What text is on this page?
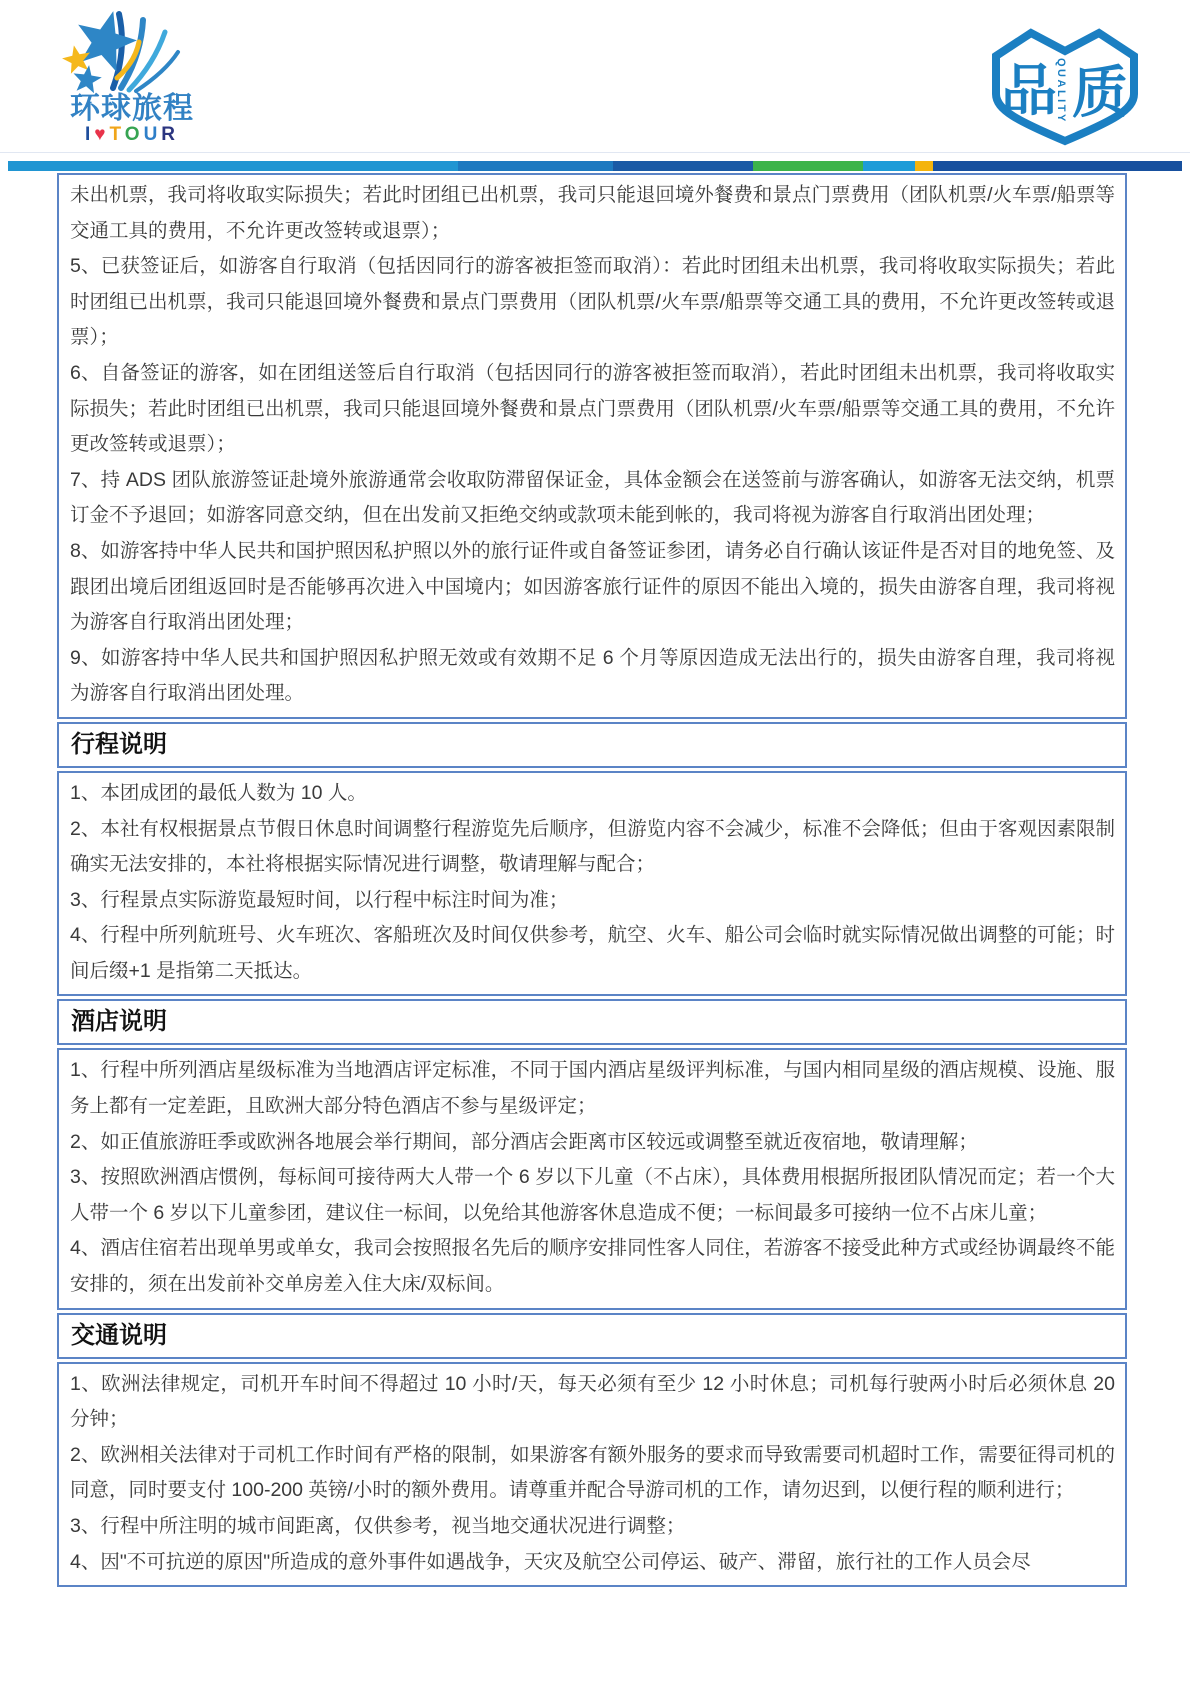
环球旅程
I♥TOUR
品 质
QUALITY

未出机票，我司将收取实际损失；若此时团组已出机票，我司只能退回境外餐费和景点门票费用（团队机票/火车票/船票等交通工具的费用，不允许更改签转或退票）；

5、已获签证后，如游客自行取消（包括因同行的游客被拒签而取消）：若此时团组未出机票，我司将收取实际损失；若此时团组已出机票，我司只能退回境外餐费和景点门票费用（团队机票/火车票/船票等交通工具的费用，不允许更改签转或退票）；

6、自备签证的游客，如在团组送签后自行取消（包括因同行的游客被拒签而取消），若此时团组未出机票，我司将收取实际损失；若此时团组已出机票，我司只能退回境外餐费和景点门票费用（团队机票/火车票/船票等交通工具的费用，不允许更改签转或退票）；

7、持 ADS 团队旅游签证赴境外旅游通常会收取防滞留保证金，具体金额会在送签前与游客确认，如游客无法交纳，机票订金不予退回；如游客同意交纳，但在出发前又拒绝交纳或款项未能到帐的，我司将视为游客自行取消出团处理；

8、如游客持中华人民共和国护照因私护照以外的旅行证件或自备签证参团，请务必自行确认该证件是否对目的地免签、及跟团出境后团组返回时是否能够再次进入中国境内；如因游客旅行证件的原因不能出入境的，损失由游客自理，我司将视为游客自行取消出团处理；

9、如游客持中华人民共和国护照因私护照无效或有效期不足 6 个月等原因造成无法出行的，损失由游客自理，我司将视为游客自行取消出团处理。

行程说明

1、本团成团的最低人数为 10 人。

2、本社有权根据景点节假日休息时间调整行程游览先后顺序，但游览内容不会减少，标准不会降低；但由于客观因素限制确实无法安排的，本社将根据实际情况进行调整，敬请理解与配合；

3、行程景点实际游览最短时间，以行程中标注时间为准；

4、行程中所列航班号、火车班次、客船班次及时间仅供参考，航空、火车、船公司会临时就实际情况做出调整的可能；时间后缀+1 是指第二天抵达。

酒店说明

1、行程中所列酒店星级标准为当地酒店评定标准，不同于国内酒店星级评判标准，与国内相同星级的酒店规模、设施、服务上都有一定差距，且欧洲大部分特色酒店不参与星级评定；

2、如正值旅游旺季或欧洲各地展会举行期间，部分酒店会距离市区较远或调整至就近夜宿地，敬请理解；

3、按照欧洲酒店惯例，每标间可接待两大人带一个 6 岁以下儿童（不占床），具体费用根据所报团队情况而定；若一个大人带一个 6 岁以下儿童参团，建议住一标间，以免给其他游客休息造成不便；一标间最多可接纳一位不占床儿童；

4、酒店住宿若出现单男或单女，我司会按照报名先后的顺序安排同性客人同住，若游客不接受此种方式或经协调最终不能安排的，须在出发前补交单房差入住大床/双标间。

交通说明

1、欧洲法律规定，司机开车时间不得超过 10 小时/天，每天必须有至少 12 小时休息；司机每行驶两小时后必须休息 20 分钟；

2、欧洲相关法律对于司机工作时间有严格的限制，如果游客有额外服务的要求而导致需要司机超时工作，需要征得司机的同意，同时要支付 100-200 英镑/小时的额外费用。请尊重并配合导游司机的工作，请勿迟到，以便行程的顺利进行；

3、行程中所注明的城市间距离，仅供参考，视当地交通状况进行调整；

4、因"不可抗逆的原因"所造成的意外事件如遇战争，天灾及航空公司停运、破产、滞留，旅行社的工作人员会尽
